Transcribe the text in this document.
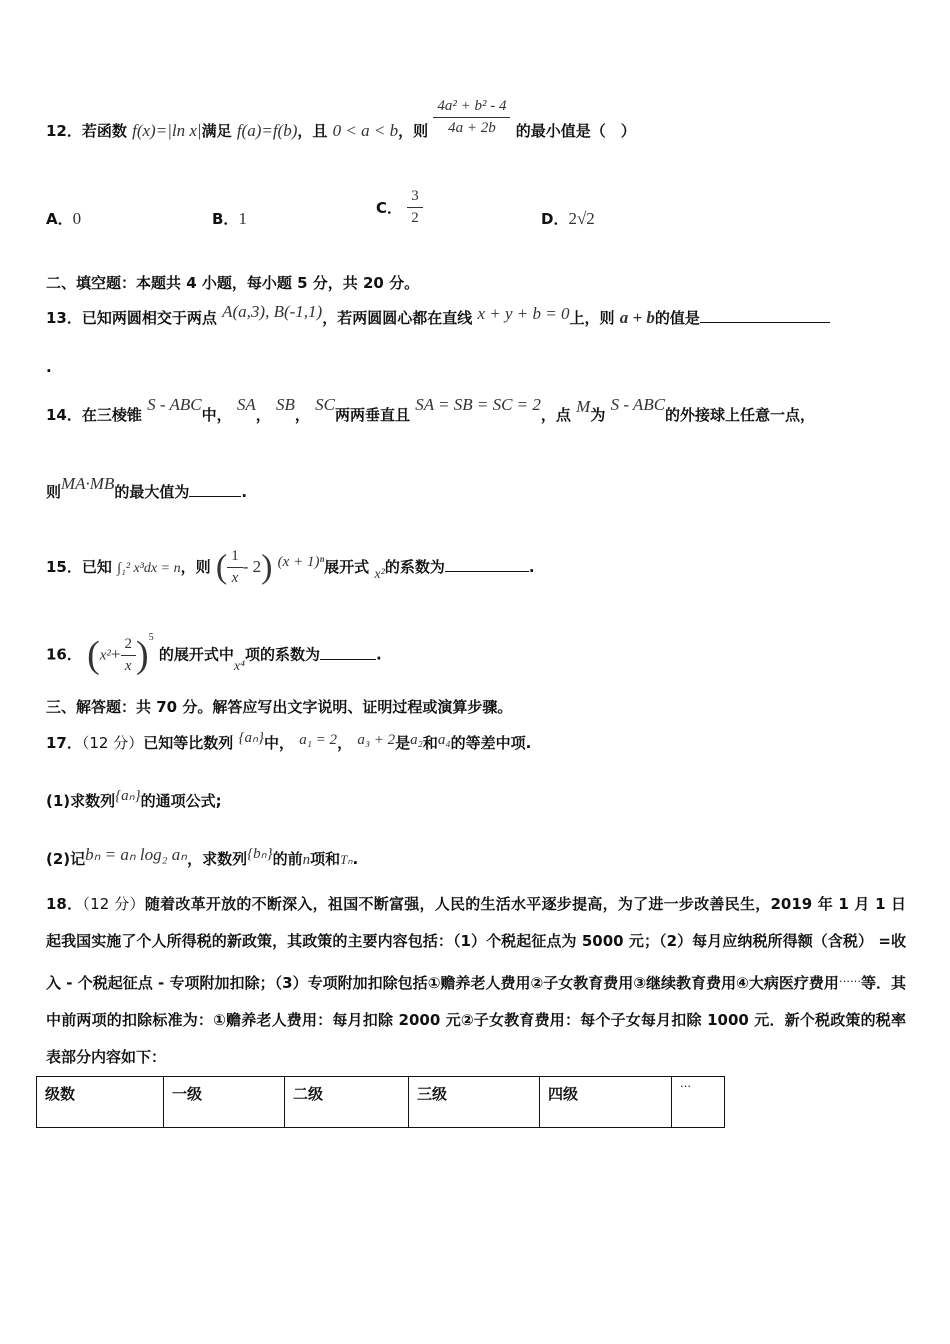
12．若函数 f(x)=|ln x|满足 f(a)=f(b)，且 0 < a < b，则 $\frac{\text{4a² + b² - 4}}{4a + 2b}$ 的最小值是（　）
A．0	B．1
C． $\frac{3}{2}$	D．2√2
二、填空题：本题共 4 小题，每小题 5 分，共 20 分。
13．已知两圆相交于两点 A(a,3), B(-1,1)，若两圆圆心都在直线 x + y + b = 0上，则 a + b的值是
.
14．在三棱锥 S - ABC中， SA， SB， SC两两垂直且 SA = SB = SC = 2，点 M为 S - ABC的外接球上任意一点，
则MA·MB的最大值为	.
15．已知 ∫₁² x³dx = n，则 ( $\frac{1}{x} - 2$) (x + 1)ⁿ展开式 x²的系数为	.
16． $(x^2+ \frac{2}{x} )^5$ 的展开式中x⁴项的系数为	.
三、解答题：共 70 分。解答应写出文字说明、证明过程或演算步骤。
17．（12 分）已知等比数列 {aₙ}中， a₁ = 2， a₃ + 2是a₂和a₄的等差中项.
(1)求数列{aₙ}的通项公式;
(2)记bₙ = aₙ log₂ aₙ，求数列{bₙ}的前n项和Tₙ.
18．（12 分）随着改革开放的不断深入，祖国不断富强，人民的生活水平逐步提高，为了进一步改善民生，2019 年 1 月 1 日起我国实施了个人所得税的新政策，其政策的主要内容包括：（1）个税起征点为 5000 元；（2）每月应纳税所得额（含税） =收入 - 个税起征点 - 专项附加扣除；（3）专项附加扣除包括①赡养老人费用②子女教育费用③继续教育费用④大病医疗费用……等．其中前两项的扣除标准为：①赡养老人费用：每月扣除 2000 元②子女教育费用：每个子女每月扣除 1000 元．新个税政策的税率表部分内容如下：
级数	一级	二级	三级	四级	…
